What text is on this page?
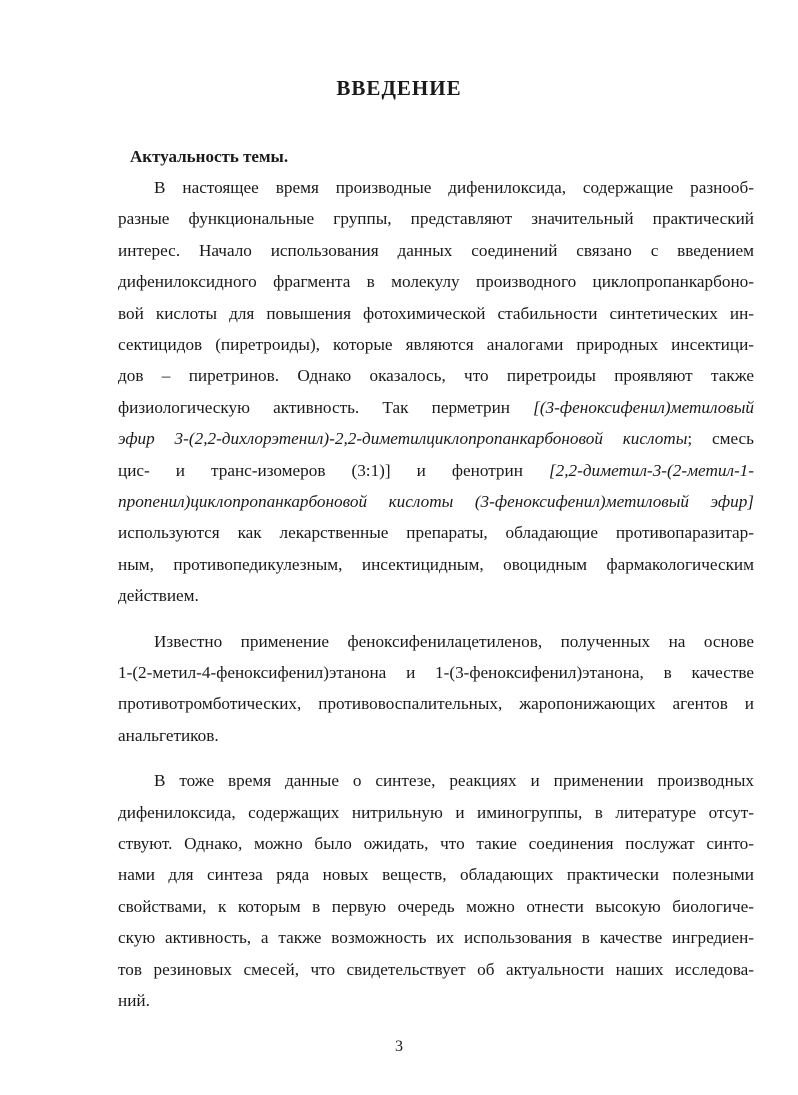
ВВЕДЕНИЕ
Актуальность темы.
В настоящее время производные дифенилоксида, содержащие разнооб-
разные функциональные группы, представляют значительный практический
интерес. Начало использования данных соединений связано с введением
дифенилоксидного фрагмента в молекулу производного циклопропанкарбоно-
вой кислоты для повышения фотохимической стабильности синтетических ин-
сектицидов (пиретроиды), которые являются аналогами природных инсектици-
дов – пиретринов. Однако оказалось, что пиретроиды проявляют также
физиологическую активность. Так перметрин [(3-феноксифенил)метиловый
эфир 3-(2,2-дихлорэтенил)-2,2-диметилциклопропанкарбоновой кислоты; смесь
цис- и транс-изомеров (3:1)] и фенотрин [2,2-диметил-3-(2-метил-1-
пропенил)циклопропанкарбоновой кислоты (3-феноксифенил)метиловый эфир]
используются как лекарственные препараты, обладающие противопаразитар-
ным, противопедикулезным, инсектицидным, овоцидным фармакологическим
действием.
Известно применение феноксифенилацетиленов, полученных на основе
1-(2-метил-4-феноксифенил)этанона и 1-(3-феноксифенил)этанона, в качестве
противотромботических, противовоспалительных, жаропонижающих агентов и
анальгетиков.
В тоже время данные о синтезе, реакциях и применении производных
дифенилоксида, содержащих нитрильную и иминогруппы, в литературе отсут-
ствуют. Однако, можно было ожидать, что такие соединения послужат синто-
нами для синтеза ряда новых веществ, обладающих практически полезными
свойствами, к которым в первую очередь можно отнести высокую биологиче-
скую активность, а также возможность их использования в качестве ингредиен-
тов резиновых смесей, что свидетельствует об актуальности наших исследова-
ний.
3
